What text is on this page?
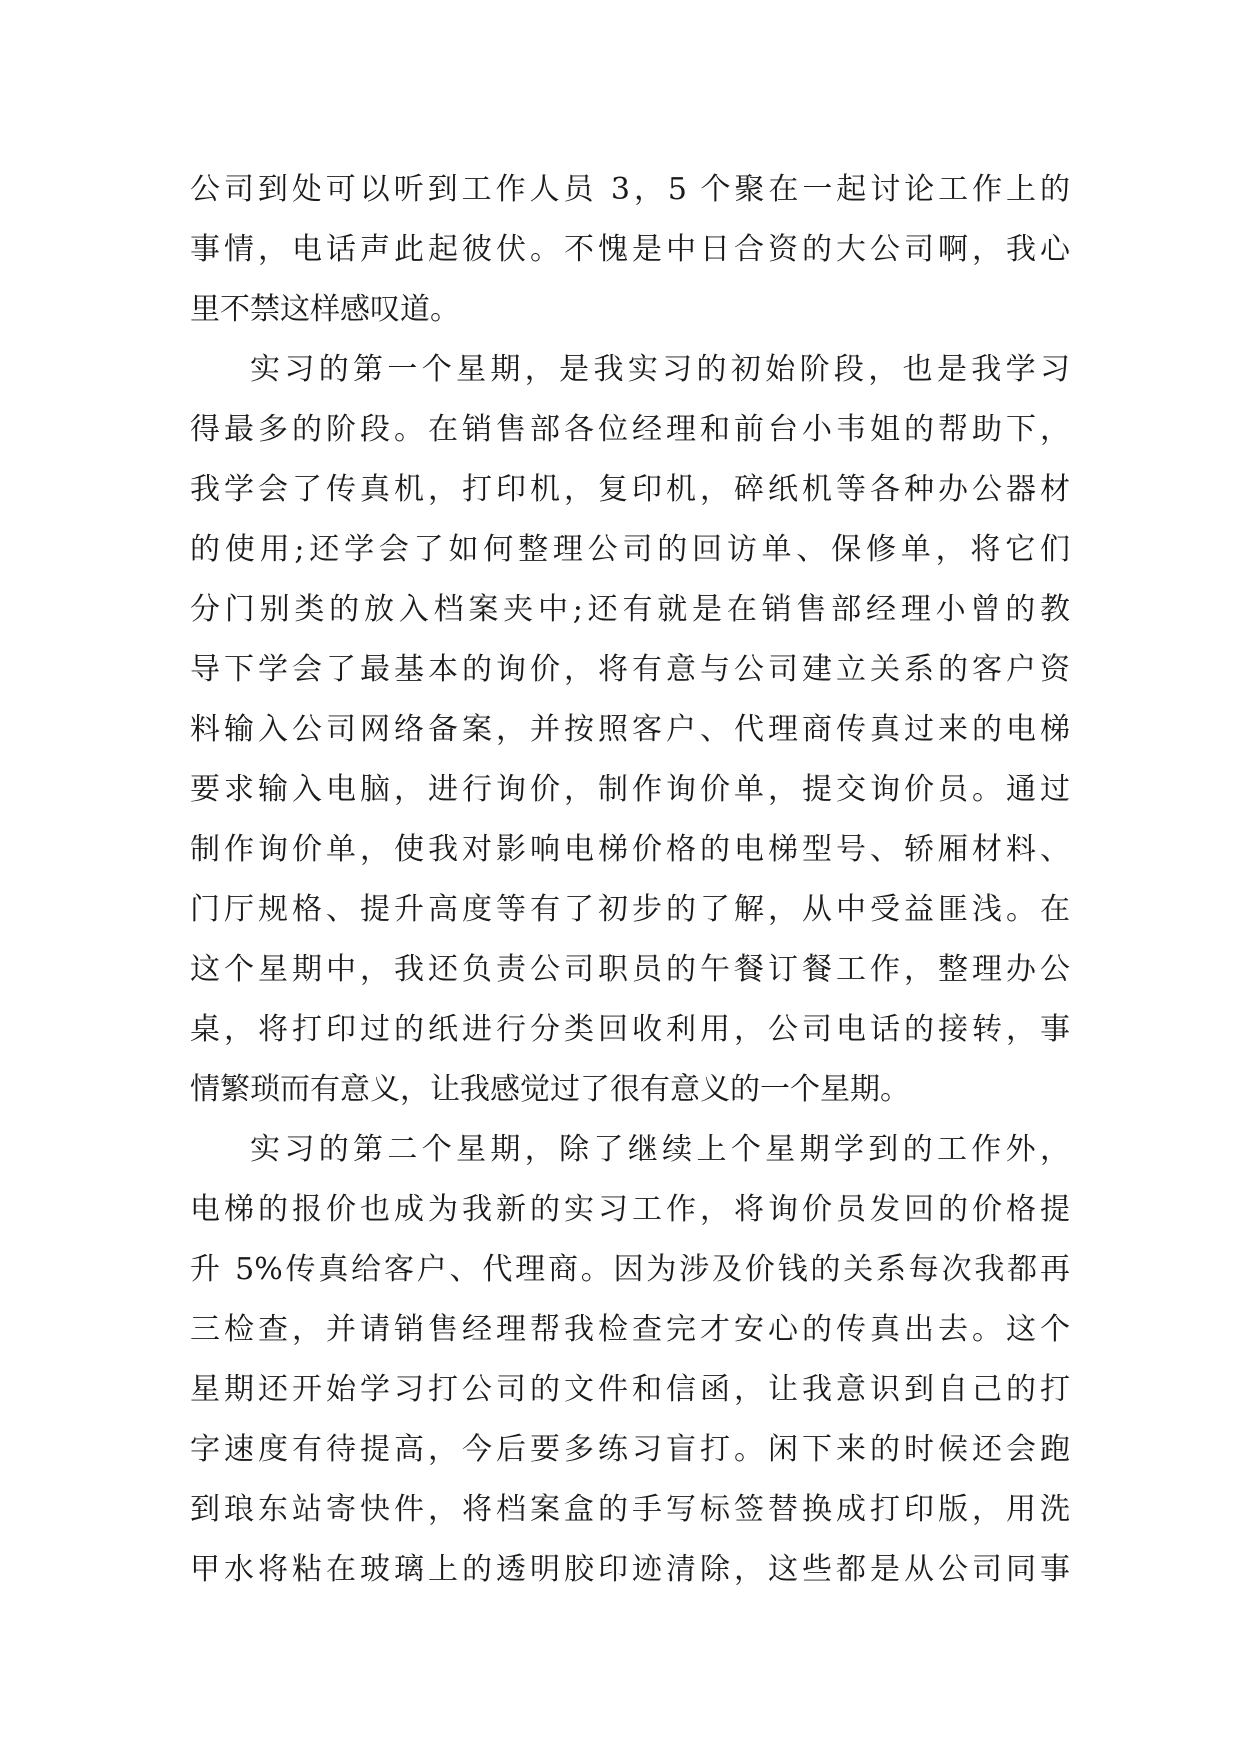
公司到处可以听到工作人员 3，5 个聚在一起讨论工作上的
事情，电话声此起彼伏。不愧是中日合资的大公司啊，我心
里不禁这样感叹道。
实习的第一个星期，是我实习的初始阶段，也是我学习
得最多的阶段。在销售部各位经理和前台小韦姐的帮助下，
我学会了传真机，打印机，复印机，碎纸机等各种办公器材
的使用;还学会了如何整理公司的回访单、保修单，将它们
分门别类的放入档案夹中;还有就是在销售部经理小曾的教
导下学会了最基本的询价，将有意与公司建立关系的客户资
料输入公司网络备案，并按照客户、代理商传真过来的电梯
要求输入电脑，进行询价，制作询价单，提交询价员。通过
制作询价单，使我对影响电梯价格的电梯型号、轿厢材料、
门厅规格、提升高度等有了初步的了解，从中受益匪浅。在
这个星期中，我还负责公司职员的午餐订餐工作，整理办公
桌，将打印过的纸进行分类回收利用，公司电话的接转，事
情繁琐而有意义，让我感觉过了很有意义的一个星期。
实习的第二个星期，除了继续上个星期学到的工作外，
电梯的报价也成为我新的实习工作，将询价员发回的价格提
升 5%传真给客户、代理商。因为涉及价钱的关系每次我都再
三检查，并请销售经理帮我检查完才安心的传真出去。这个
星期还开始学习打公司的文件和信函，让我意识到自己的打
字速度有待提高，今后要多练习盲打。闲下来的时候还会跑
到琅东站寄快件，将档案盒的手写标签替换成打印版，用洗
甲水将粘在玻璃上的透明胶印迹清除，这些都是从公司同事
